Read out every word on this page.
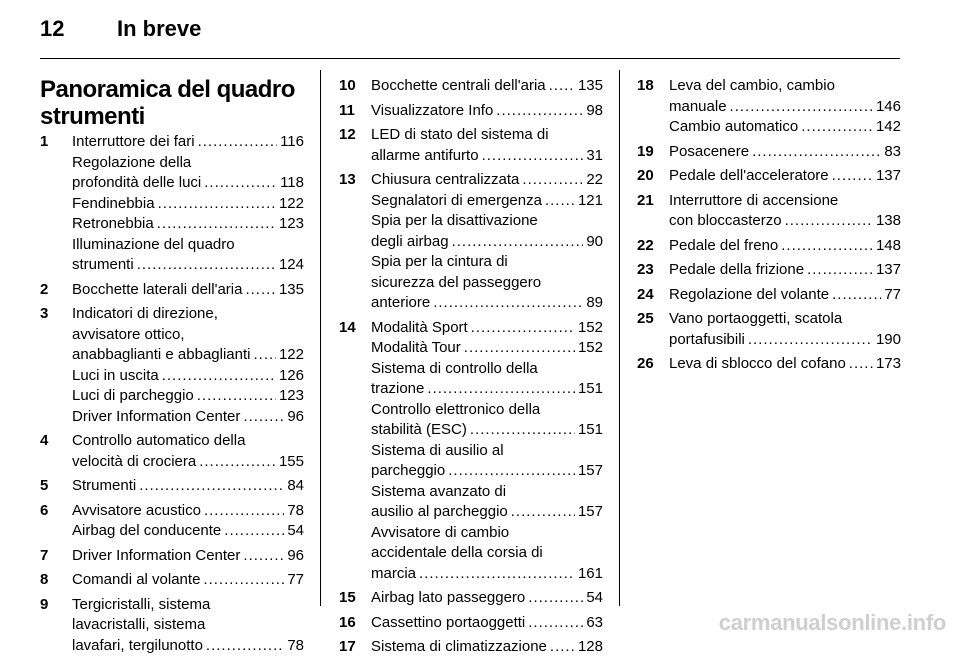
12 In breve
Panoramica del quadro
strumenti
1	Interruttore dei fari .....	116
Regolazione della
profondità delle luci .....	118
Fendinebbia .....	122
Retronebbia .....	123
Illuminazione del quadro
strumenti .....	124
2	Bocchette laterali dell'aria ..... 135
3	Indicatori di direzione,
avvisatore ottico,
anabbaglianti e abbaglianti ..... 122
Luci in uscita .....	126
Luci di parcheggio .....	123
Driver Information Center .....	96
4	Controllo automatico della
velocità di crociera .....	155
5	Strumenti .....	84
6	Avvisatore acustico .....	78
Airbag del conducente .....	54
7	Driver Information Center .....	96
8	Comandi al volante .....	77
9	Tergicristalli, sistema
lavacristalli, sistema
lavafari, tergilunotto .....	78
10	Bocchette centrali dell'aria ..... 135
11	Visualizzatore Info .....	98
12	LED di stato del sistema di
allarme antifurto .....	31
13	Chiusura centralizzata .....	22
Segnalatori di emergenza ..... 121
Spia per la disattivazione
degli airbag .....	90
Spia per la cintura di
sicurezza del passeggero
anteriore .....	89
14	Modalità Sport .....	152
Modalità Tour .....	152
Sistema di controllo della
trazione .....	151
Controllo elettronico della
stabilità (ESC) .....	151
Sistema di ausilio al
parcheggio .....	157
Sistema avanzato di
ausilio al parcheggio .....	157
Avvisatore di cambio
accidentale della corsia di
marcia .....	161
15	Airbag lato passeggero .....	54
16	Cassettino portaoggetti .....	63
17	Sistema di climatizzazione ..... 128
18	Leva del cambio, cambio
manuale .....	146
Cambio automatico .....	142
19	Posacenere .....	83
20	Pedale dell'acceleratore .....	137
21	Interruttore di accensione
con bloccasterzo .....	138
22	Pedale del freno .....	148
23	Pedale della frizione .....	137
24	Regolazione del volante .....	77
25	Vano portaoggetti, scatola
portafusibili .....	190
26	Leva di sblocco del cofano ..... 173
carmanualsonline.info
